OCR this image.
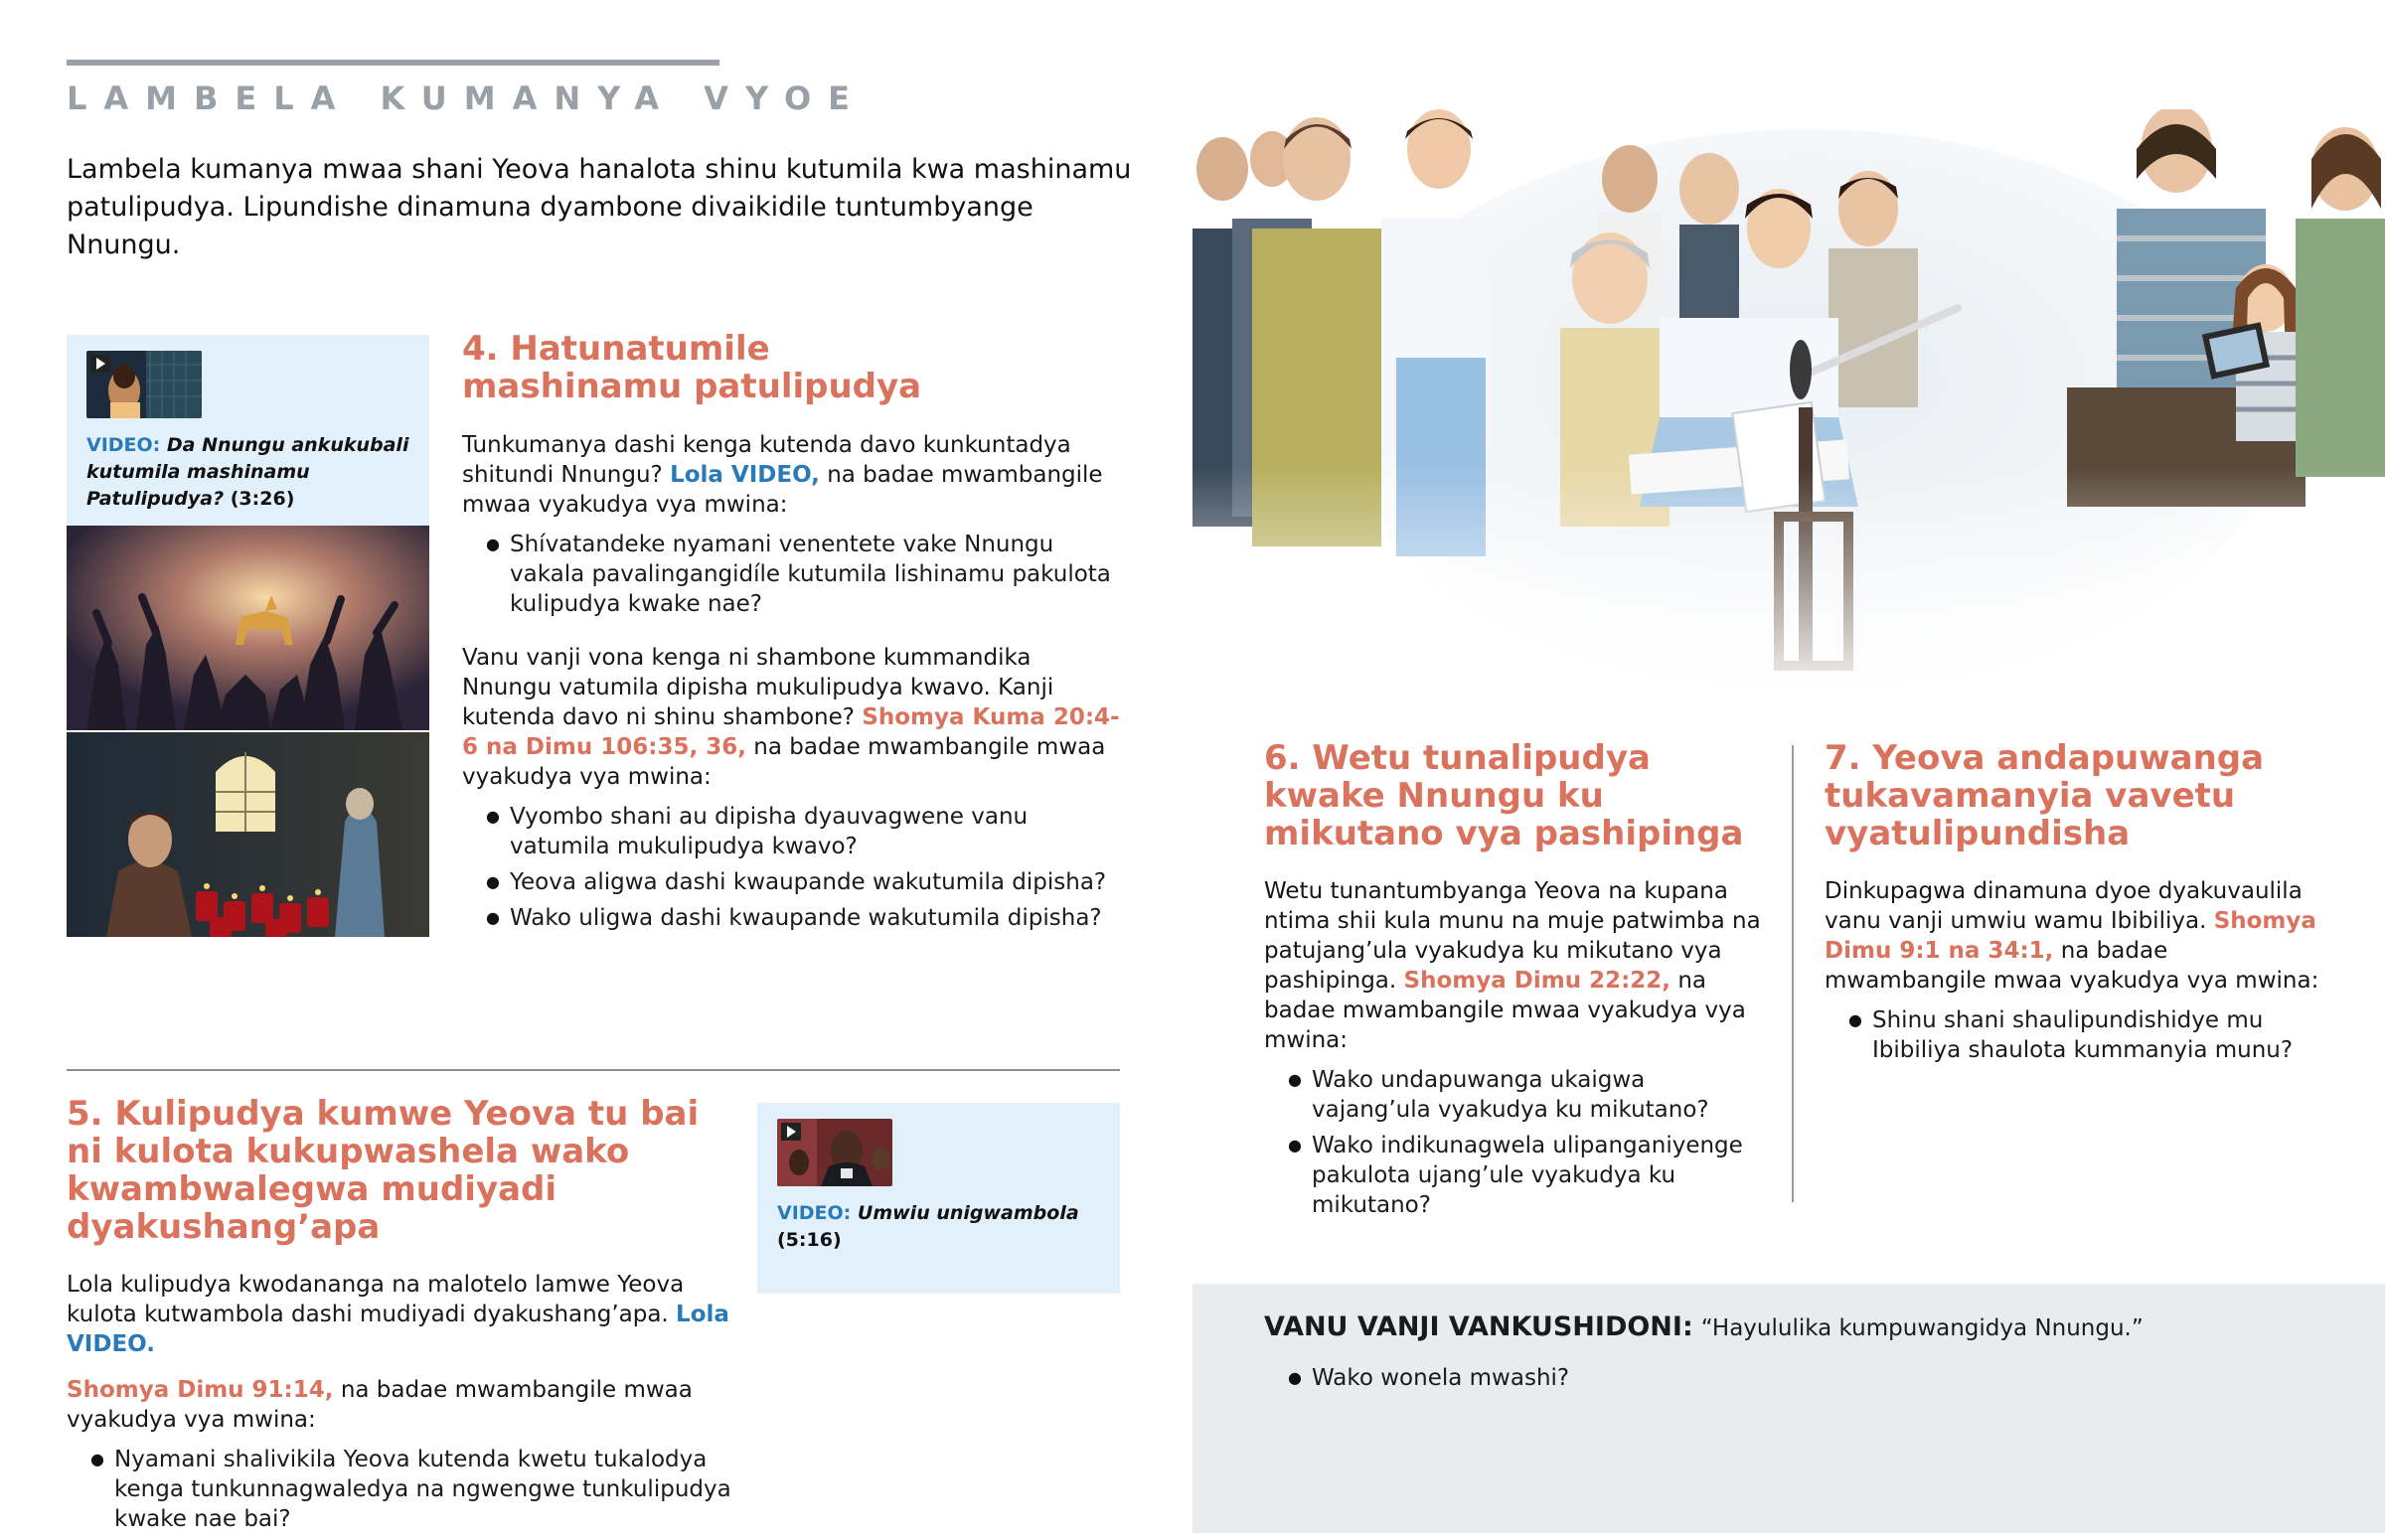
LAMBELA KUMANYA VYOE
Lambela kumanya mwaa shani Yeova hanalota shinu kutumila kwa mashinamu patulipudya. Lipundishe dinamuna dyambone divaikidile tuntumbyange Nnungu.
VIDEO: Da Nnungu ankukubali kutumila mashinamu Patulipudya? (3:26)
4. Hatunatumile mashinamu patulipudya

Tunkumanya dashi kenga kutenda davo kunkuntadya shitundi Nnungu? Lola VIDEO, na badae mwambangile mwaa vyakudya vya mwina:

● Shívatandeke nyamani venentete vake Nnungu vakala pavalingangidíle kutumila lishinamu pakulota kulipudya kwake nae?

Vanu vanji vona kenga ni shambone kummandika Nnungu vatumila dipisha mukulipudya kwavo. Kanji kutenda davo ni shinu shambone? Shomya Kuma 20:4-6 na Dimu 106:35, 36, na badae mwambangile mwaa vyakudya vya mwina:

● Vyombo shani au dipisha dyauvagwene vanu vatumila mukulipudya kwavo?
● Yeova aligwa dashi kwaupande wakutumila dipisha?
● Wako uligwa dashi kwaupande wakutumila dipisha?
5. Kulipudya kumwe Yeova tu bai ni kulota kukupwashela wako kwambwalegwa mudiyadi dyakushang’apa

Lola kulipudya kwodananga na malotelo lamwe Yeova kulota kutwambola dashi mudiyadi dyakushang’apa. Lola VIDEO.

Shomya Dimu 91:14, na badae mwambangile mwaa vyakudya vya mwina:

● Nyamani shalivikila Yeova kutenda kwetu tukalodya kenga tunkunnagwaledya na ngwengwe tunkulipudya kwake nae bai?
VIDEO: Umwiu unigwambola (5:16)
6. Wetu tunalipudya kwake Nnungu ku mikutano vya pashipinga

Wetu tunantumbyanga Yeova na kupana ntima shii kula munu na muje patwimba na patujang’ula vyakudya ku mikutano vya pashipinga. Shomya Dimu 22:22, na badae mwambangile mwaa vyakudya vya mwina:

● Wako undapuwanga ukaigwa vajang’ula vyakudya ku mikutano?
● Wako indikunagwela ulipanganiyenge pakulota ujang’ule vyakudya ku mikutano?
7. Yeova andapuwanga tukavamanyia vavetu vyatulipundisha

Dinkupagwa dinamuna dyoe dyakuvaulila vanu vanji umwiu wamu Ibibiliya. Shomya Dimu 9:1 na 34:1, na badae mwambangile mwaa vyakudya vya mwina:

● Shinu shani shaulipundishidye mu Ibibiliya shaulota kummanyia munu?
VANU VANJI VANKUSHIDONI: “Hayululika kumpuwangidya Nnungu.”
● Wako wonela mwashi?
